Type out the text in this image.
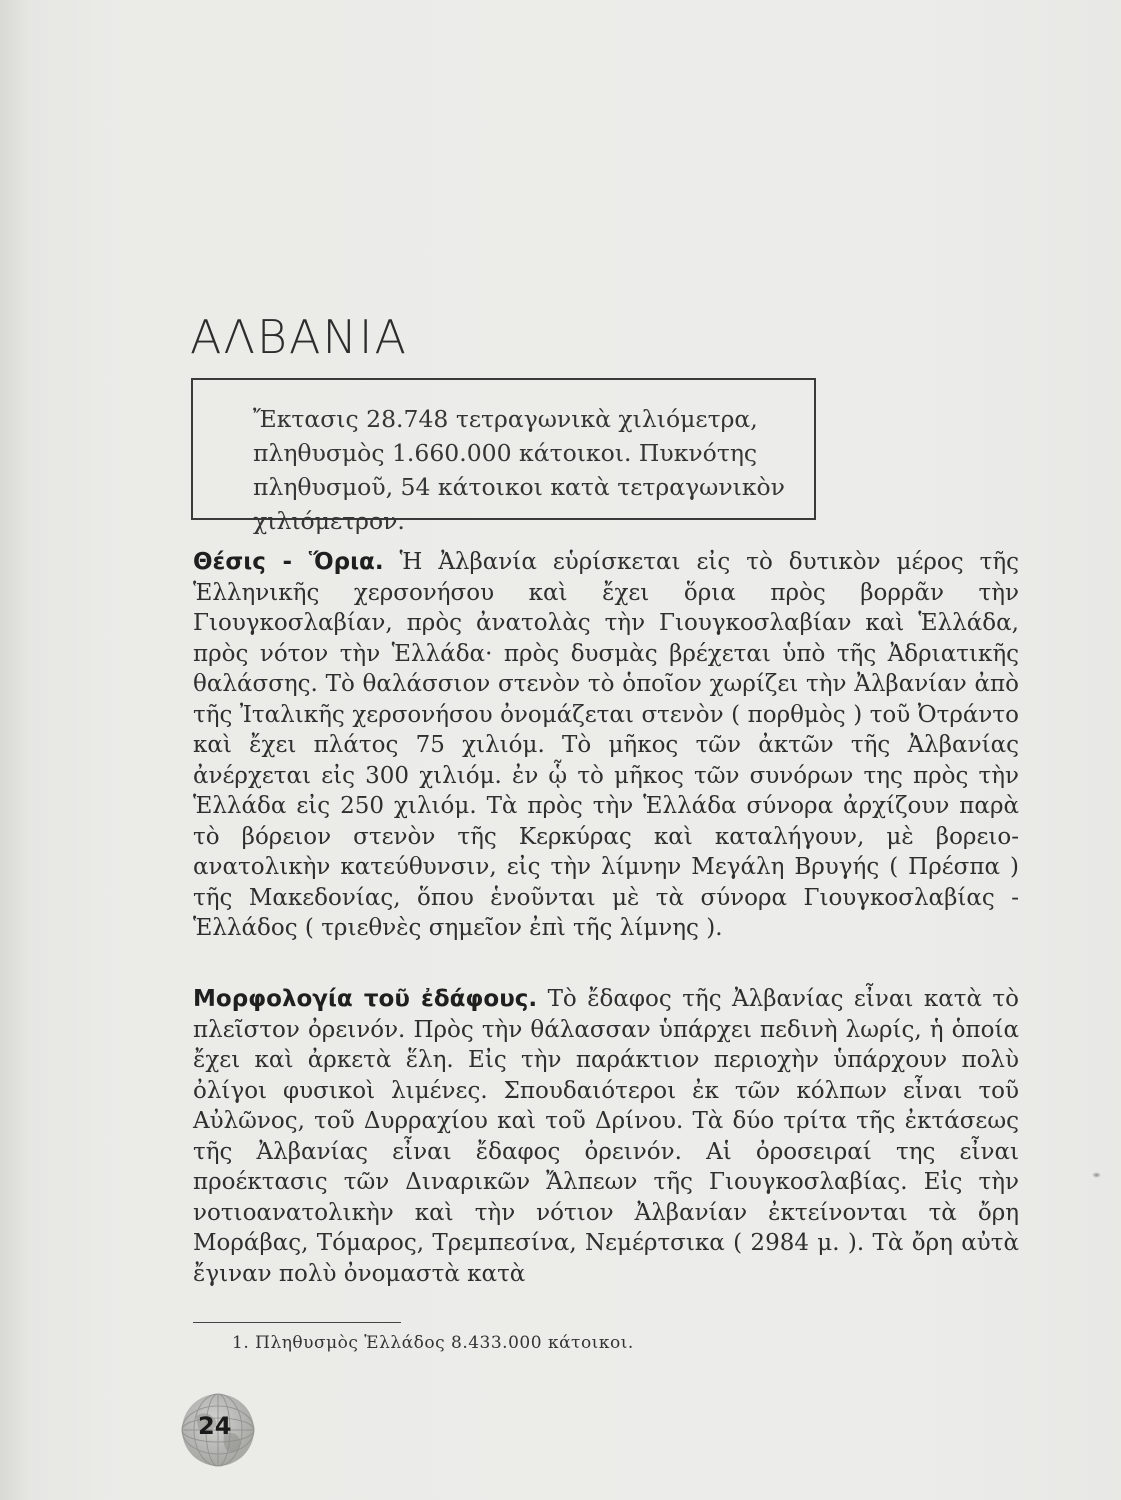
ΑΛΒΑΝΙΑ

Ἔκτασις 28.748 τετραγωνικὰ χιλιόμετρα, πληθυσμὸς 1.660.000 κάτοικοι. Πυκνότης πληθυσμοῦ, 54 κάτοικοι κατὰ τετραγωνικὸν χιλιόμετρον.

Θέσις - Ὅρια. Ἡ Ἀλβανία εὑρίσκεται εἰς τὸ δυτικὸν μέρος τῆς Ἑλληνικῆς χερσονήσου καὶ ἔχει ὅρια πρὸς βορρᾶν τὴν Γιουγκοσλαβίαν, πρὸς ἀνατολὰς τὴν Γιουγκοσλαβίαν καὶ Ἑλλάδα, πρὸς νότον τὴν Ἑλλάδα· πρὸς δυσμὰς βρέχεται ὑπὸ τῆς Ἀδριατικῆς θαλάσσης. Τὸ θαλάσσιον στενὸν τὸ ὁποῖον χωρίζει τὴν Ἀλβανίαν ἀπὸ τῆς Ἰταλικῆς χερσονήσου ὀνομάζεται στενὸν ( πορθμὸς ) τοῦ Ὀτράντο καὶ ἔχει πλάτος 75 χιλιόμ. Τὸ μῆκος τῶν ἀκτῶν τῆς Ἀλβανίας ἀνέρχεται εἰς 300 χιλιόμ. ἐν ᾧ τὸ μῆκος τῶν συνόρων της πρὸς τὴν Ἑλλάδα εἰς 250 χιλιόμ. Τὰ πρὸς τὴν Ἑλλάδα σύνορα ἀρχίζουν παρὰ τὸ βόρειον στενὸν τῆς Κερκύρας καὶ καταλήγουν, μὲ βορειο-ανατολικὴν κατεύθυνσιν, εἰς τὴν λίμνην Μεγάλη Βρυγής ( Πρέσπα ) τῆς Μακεδονίας, ὅπου ἑνοῦνται μὲ τὰ σύνορα Γιουγκοσλαβίας - Ἑλλάδος ( τριεθνὲς σημεῖον ἐπὶ τῆς λίμνης ).

Μορφολογία τοῦ ἐδάφους. Τὸ ἔδαφος τῆς Ἀλβανίας εἶναι κατὰ τὸ πλεῖστον ὀρεινόν. Πρὸς τὴν θάλασσαν ὑπάρχει πεδινὴ λωρίς, ἡ ὁποία ἔχει καὶ ἀρκετὰ ἕλη. Εἰς τὴν παράκτιον περιοχὴν ὑπάρχουν πολὺ ὀλίγοι φυσικοὶ λιμένες. Σπουδαιότεροι ἐκ τῶν κόλπων εἶναι τοῦ Αὐλῶνος, τοῦ Δυρραχίου καὶ τοῦ Δρίνου. Τὰ δύο τρίτα τῆς ἐκτάσεως τῆς Ἀλβανίας εἶναι ἔδαφος ὀρεινόν. Αἱ ὀροσειραί της εἶναι προέκτασις τῶν Διναρικῶν Ἄλπεων τῆς Γιουγκοσλαβίας. Εἰς τὴν νοτιοανατολικὴν καὶ τὴν νότιον Ἀλβανίαν ἐκτείνονται τὰ ὄρη Μοράβας, Τόμαρος, Τρεμπεσίνα, Νεμέρτσικα ( 2984 μ. ). Τὰ ὄρη αὐτὰ ἔγιναν πολὺ ὀνομαστὰ κατὰ

1. Πληθυσμὸς Ἑλλάδος 8.433.000 κάτοικοι.

24
